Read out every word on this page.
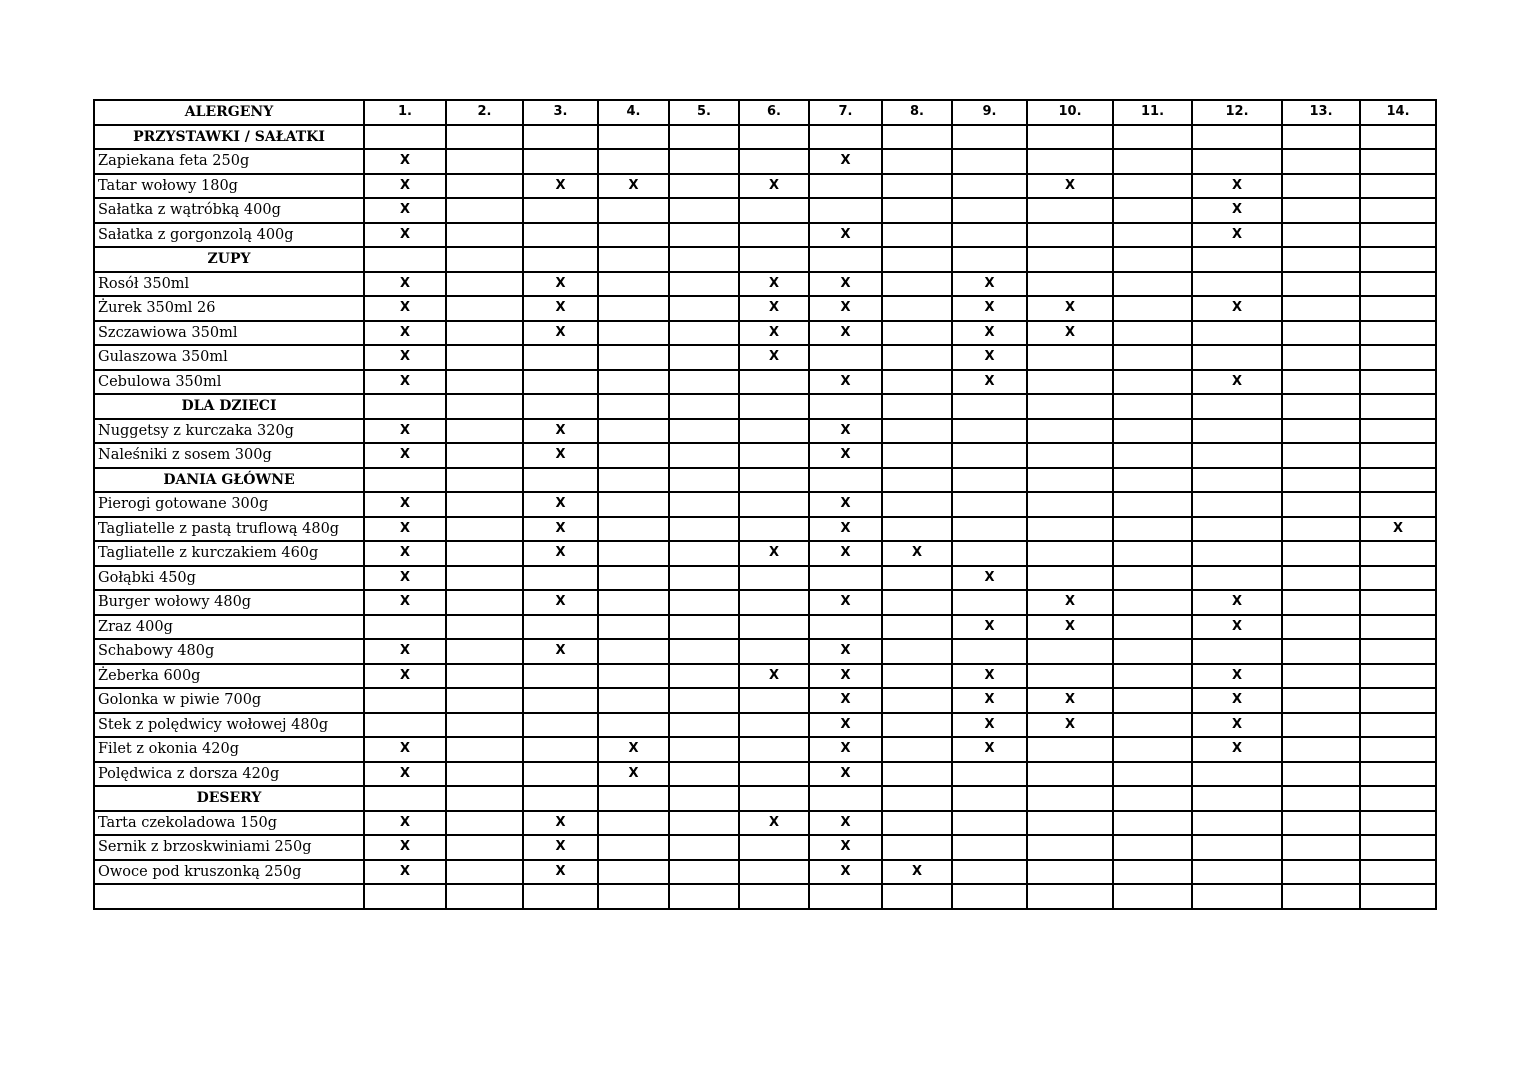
ALERGENY	1.	2.	3.	4.	5.	6.	7.	8.	9.	10.	11.	12.	13.	14.
PRZYSTAWKI / SAŁATKI														
Zapiekana feta 250g	X						X							
Tatar wołowy 180g	X		X	X		X				X		X		
Sałatka z wątróbką 400g	X											X		
Sałatka z gorgonzolą 400g	X						X					X		
ZUPY														
Rosół 350ml	X		X			X	X		X					
Żurek 350ml 26	X		X			X	X		X	X		X		
Szczawiowa 350ml	X		X			X	X		X	X				
Gulaszowa 350ml	X					X			X					
Cebulowa 350ml	X						X		X			X		
DLA DZIECI														
Nuggetsy z kurczaka 320g	X		X				X							
Naleśniki z sosem 300g	X		X				X							
DANIA GŁÓWNE														
Pierogi gotowane 300g	X		X				X							
Tagliatelle z pastą truflową 480g	X		X				X							X
Tagliatelle z kurczakiem 460g	X		X			X	X	X						
Gołąbki 450g	X								X					
Burger wołowy 480g	X		X				X			X		X		
Zraz 400g									X	X		X		
Schabowy 480g	X		X				X							
Żeberka 600g	X					X	X		X			X		
Golonka w piwie 700g							X		X	X		X		
Stek z polędwicy wołowej 480g							X		X	X		X		
Filet z okonia 420g	X			X			X		X			X		
Polędwica z dorsza 420g	X			X			X							
DESERY														
Tarta czekoladowa 150g	X		X			X	X							
Sernik z brzoskwiniami 250g	X		X				X							
Owoce pod kruszonką 250g	X		X				X	X						
